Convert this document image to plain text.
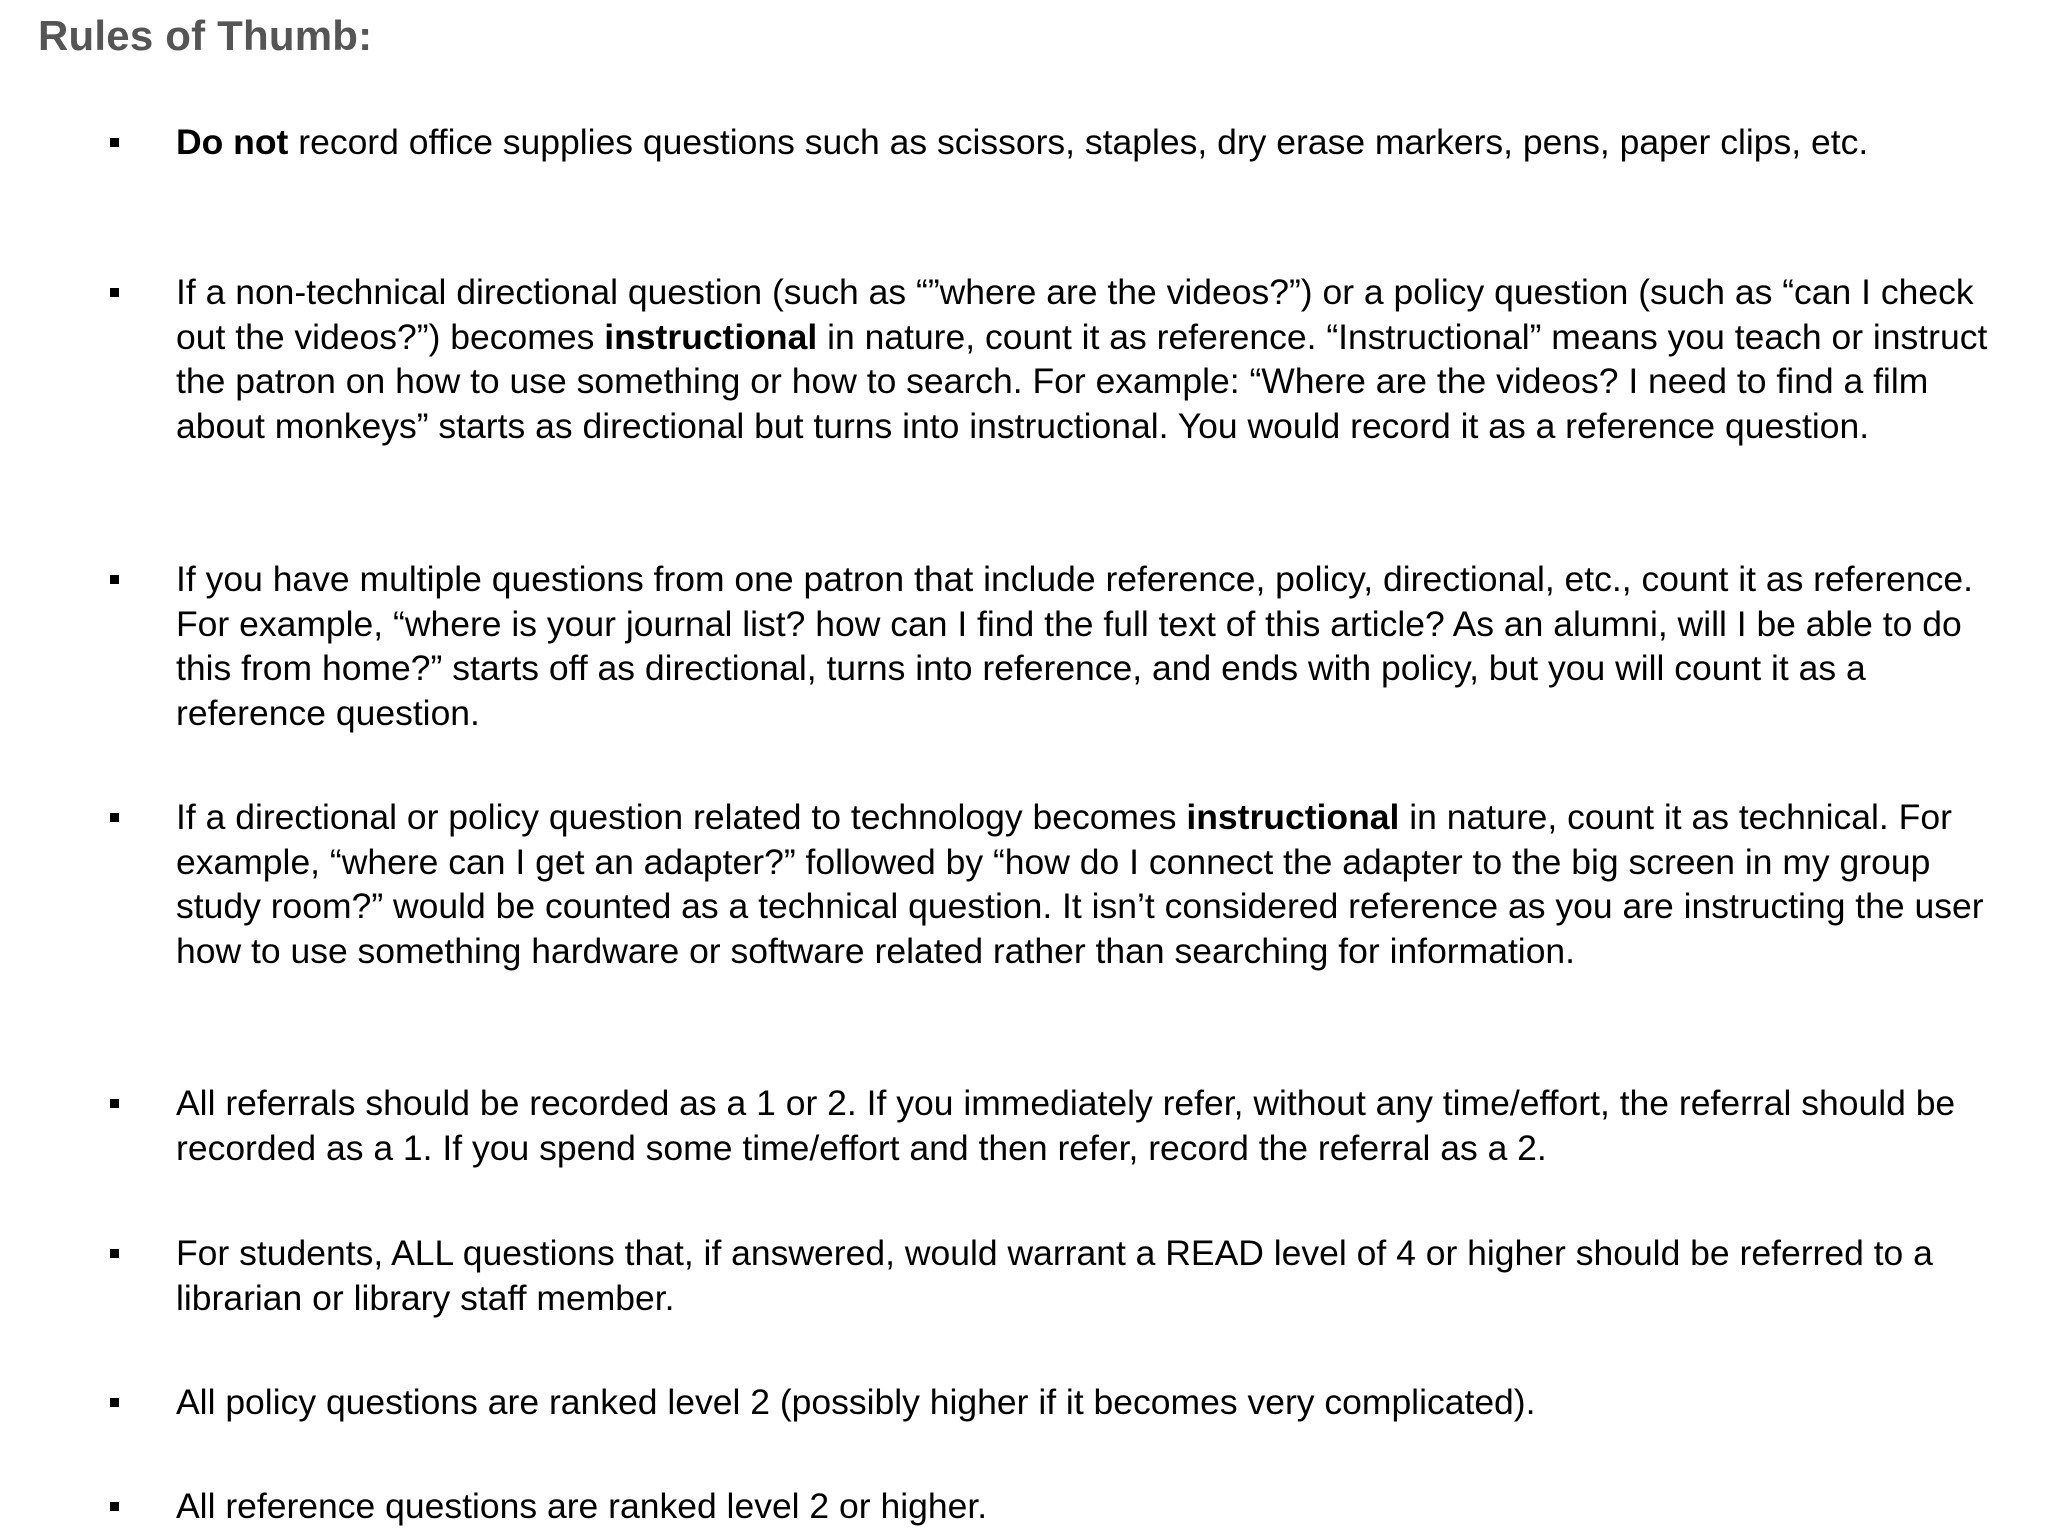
Rules of Thumb:

Do not record office supplies questions such as scissors, staples, dry erase markers, pens, paper clips, etc.

If a non-technical directional question (such as “”where are the videos?”) or a policy question (such as “can I check out the videos?”) becomes instructional in nature, count it as reference. “Instructional” means you teach or instruct the patron on how to use something or how to search. For example: “Where are the videos? I need to find a film about monkeys” starts as directional but turns into instructional. You would record it as a reference question.

If you have multiple questions from one patron that include reference, policy, directional, etc., count it as reference. For example, “where is your journal list? how can I find the full text of this article? As an alumni, will I be able to do this from home?” starts off as directional, turns into reference, and ends with policy, but you will count it as a reference question.

If a directional or policy question related to technology becomes instructional in nature, count it as technical. For example, “where can I get an adapter?” followed by “how do I connect the adapter to the big screen in my group study room?” would be counted as a technical question. It isn’t considered reference as you are instructing the user how to use something hardware or software related rather than searching for information.

All referrals should be recorded as a 1 or 2. If you immediately refer, without any time/effort, the referral should be recorded as a 1. If you spend some time/effort and then refer, record the referral as a 2.

For students, ALL questions that, if answered, would warrant a READ level of 4 or higher should be referred to a librarian or library staff member.

All policy questions are ranked level 2 (possibly higher if it becomes very complicated).

All reference questions are ranked level 2 or higher.
